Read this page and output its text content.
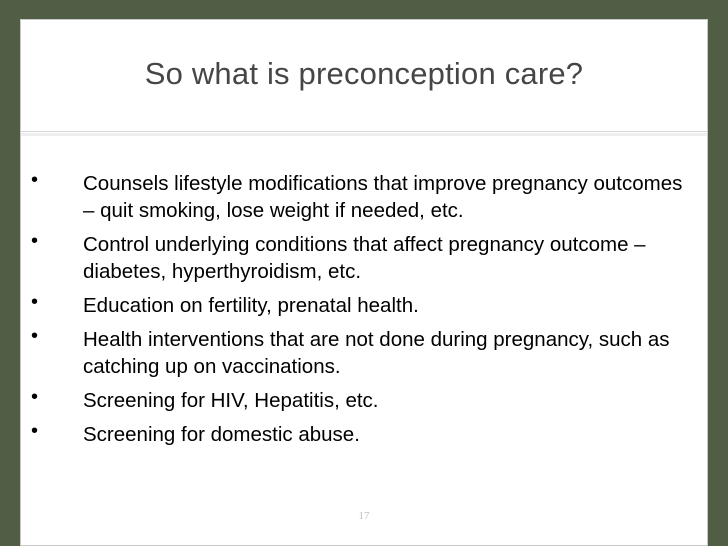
So what is preconception care?
• Counsels lifestyle modifications that improve pregnancy outcomes – quit smoking, lose weight if needed, etc.
• Control underlying conditions that affect pregnancy outcome – diabetes, hyperthyroidism, etc.
• Education on fertility, prenatal health.
• Health interventions that are not done during pregnancy, such as catching up on vaccinations.
• Screening for HIV, Hepatitis, etc.
• Screening for domestic abuse.
17
